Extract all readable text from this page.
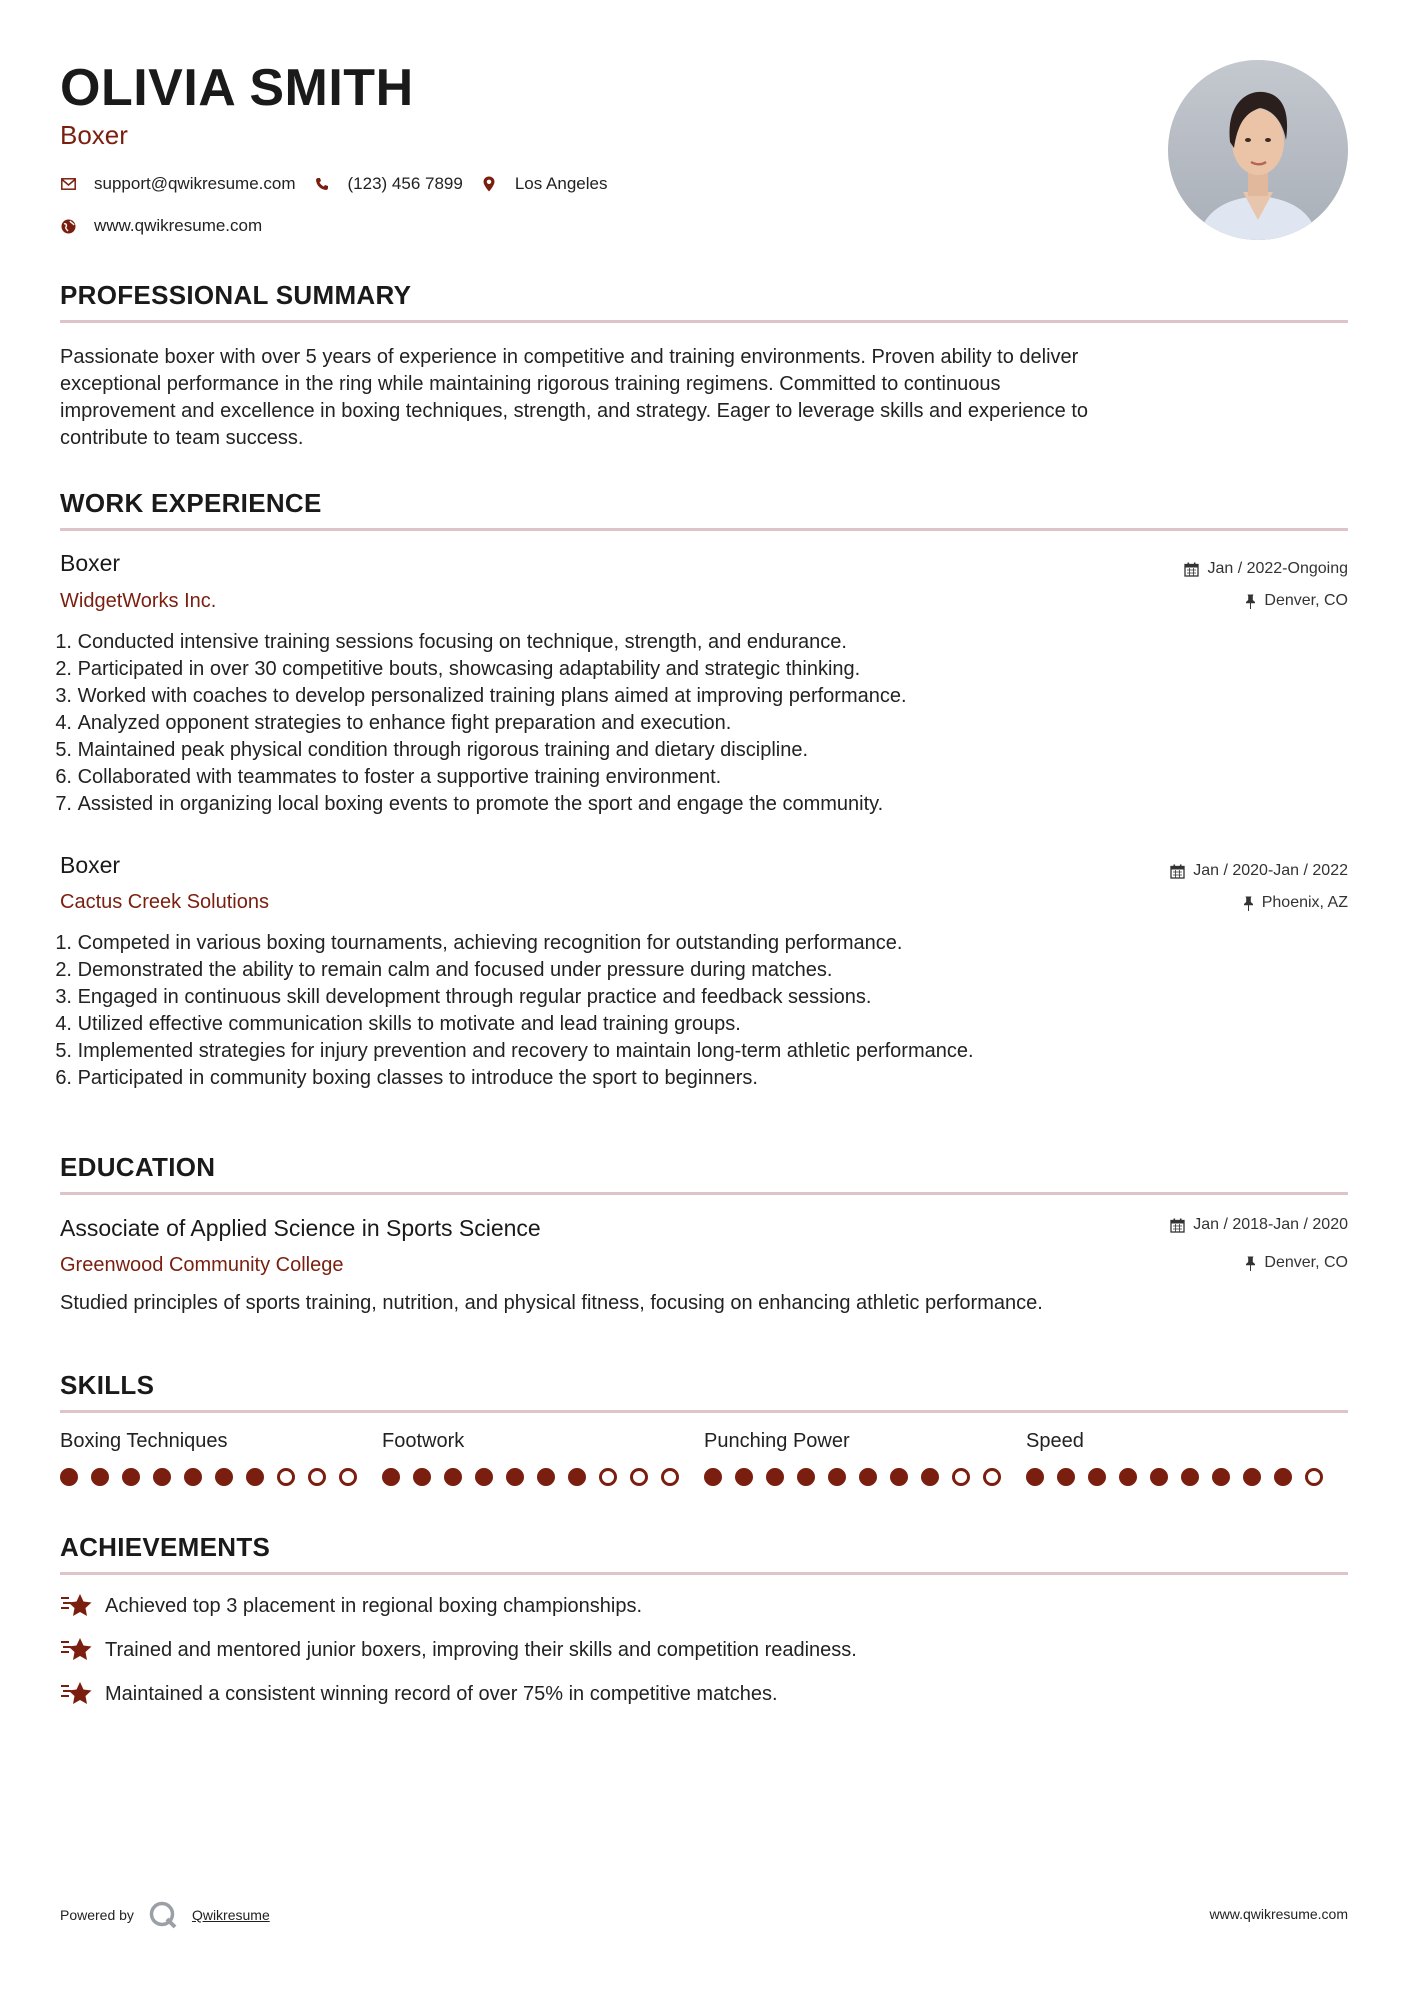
OLIVIA SMITH
Boxer
support@qwikresume.com	(123) 456 7899	Los Angeles
www.qwikresume.com
PROFESSIONAL SUMMARY
Passionate boxer with over 5 years of experience in competitive and training environments. Proven ability to deliver
exceptional performance in the ring while maintaining rigorous training regimens. Committed to continuous
improvement and excellence in boxing techniques, strength, and strategy. Eager to leverage skills and experience to
contribute to team success.
WORK EXPERIENCE
Boxer
WidgetWorks Inc.
Jan / 2022-Ongoing
Denver, CO
1.
Conducted intensive training sessions focusing on technique, strength, and endurance.
2.
Participated in over 30 competitive bouts, showcasing adaptability and strategic thinking.
3.
Worked with coaches to develop personalized training plans aimed at improving performance.
4.
Analyzed opponent strategies to enhance fight preparation and execution.
5.
Maintained peak physical condition through rigorous training and dietary discipline.
6.
Collaborated with teammates to foster a supportive training environment.
7.
Assisted in organizing local boxing events to promote the sport and engage the community.
Boxer
Cactus Creek Solutions
Jan / 2020-Jan / 2022
Phoenix, AZ
1.
Competed in various boxing tournaments, achieving recognition for outstanding performance.
2.
Demonstrated the ability to remain calm and focused under pressure during matches.
3.
Engaged in continuous skill development through regular practice and feedback sessions.
4.
Utilized effective communication skills to motivate and lead training groups.
5.
Implemented strategies for injury prevention and recovery to maintain long-term athletic performance.
6.
Participated in community boxing classes to introduce the sport to beginners.
EDUCATION
Associate of Applied Science in Sports Science
Greenwood Community College
Jan / 2018-Jan / 2020
Denver, CO
Studied principles of sports training, nutrition, and physical fitness, focusing on enhancing athletic performance.
SKILLS
Boxing Techniques	Footwork	Punching Power	Speed
ACHIEVEMENTS
Achieved top 3 placement in regional boxing championships.
Trained and mentored junior boxers, improving their skills and competition readiness.
Maintained a consistent winning record of over 75% in competitive matches.
Powered by	Qwikresume	www.qwikresume.com
